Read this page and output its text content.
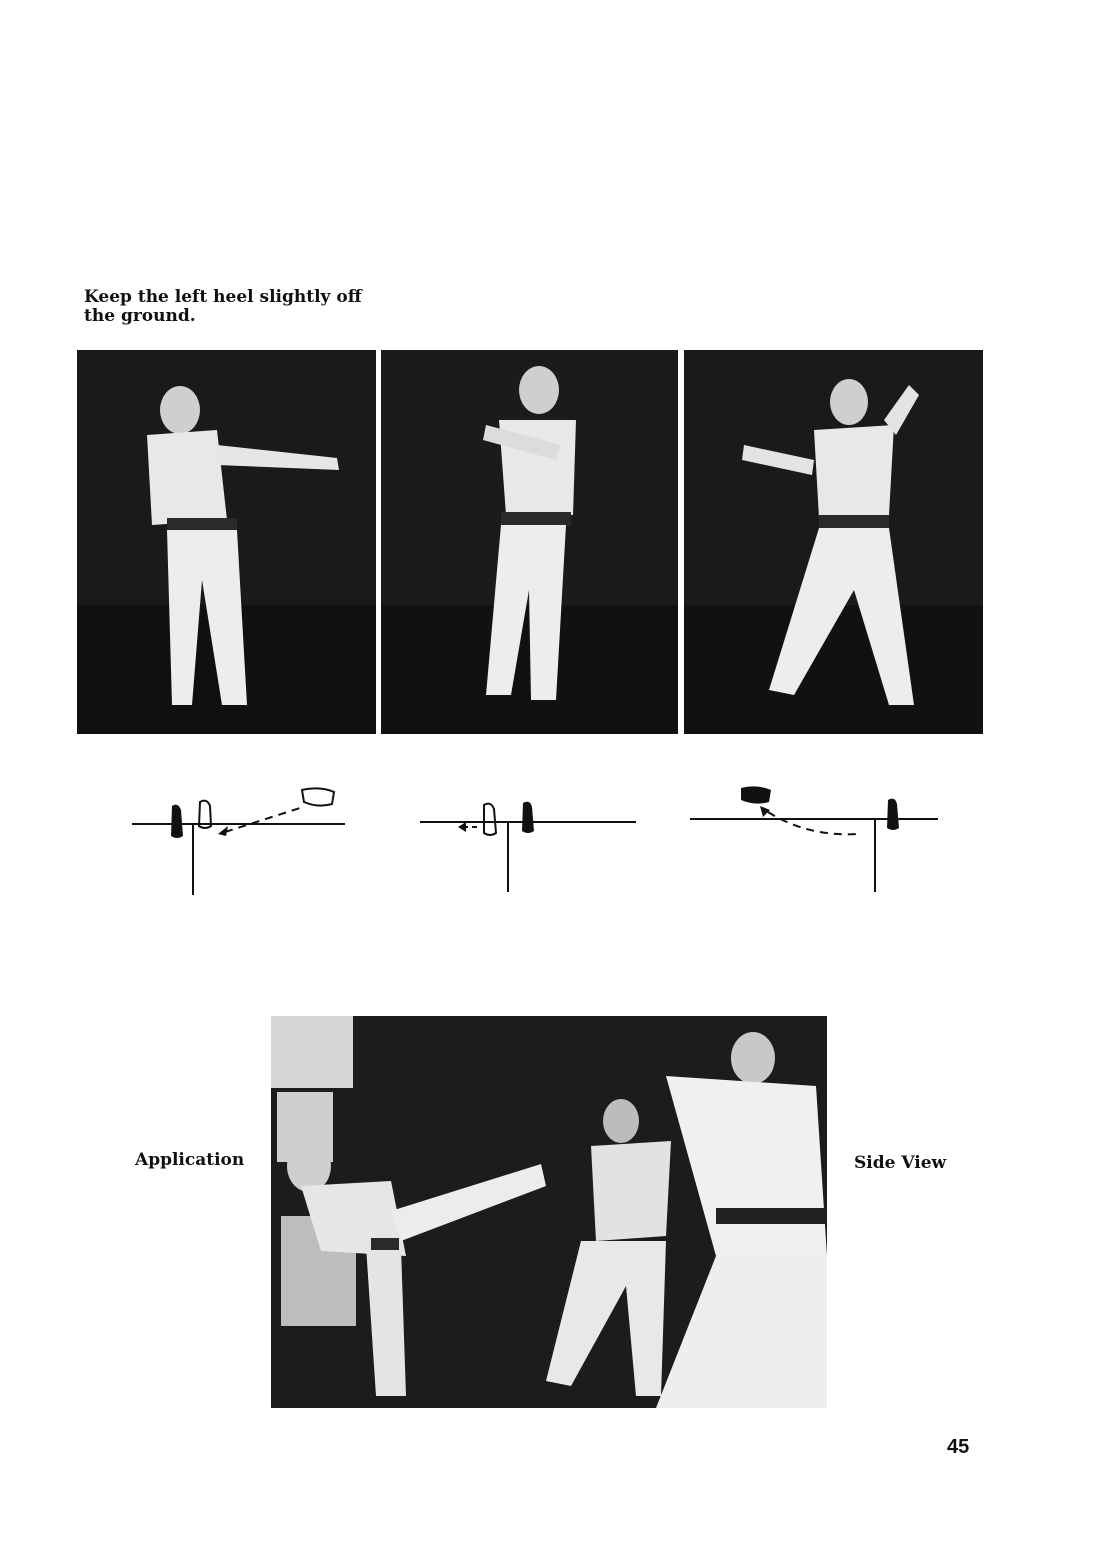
Keep the left heel slightly off the ground.
Application	Side View
45
